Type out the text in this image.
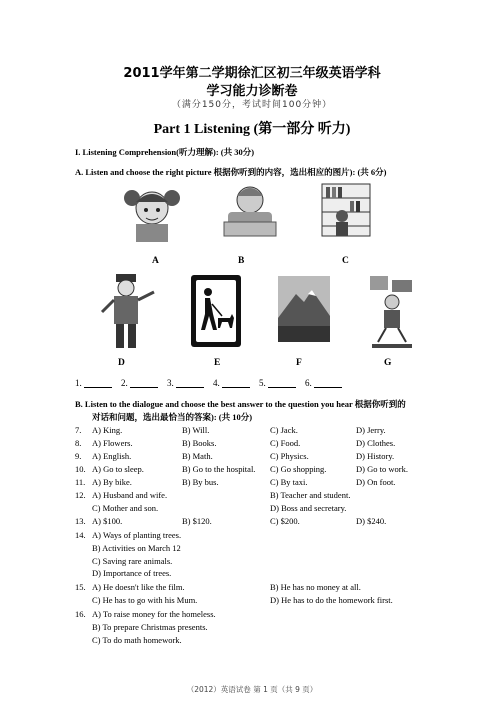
2011学年第二学期徐汇区初三年级英语学科
学习能力诊断卷
（满分150分，考试时间100分钟）
Part 1 Listening (第一部分 听力)
I. Listening Comprehension(听力理解): (共 30分)
A. Listen and choose the right picture 根据你听到的内容，选出相应的图片): (共 6分)
A	B	C
D	E	F	G
1.	2.	3.	4.	5.	6.
B. Listen to the dialogue and choose the best answer to the question you hear 根据你听到的
对话和问题，选出最恰当的答案): (共 10分)
7. A) King.	B) Will.	C) Jack.	D) Jerry.
8. A) Flowers.	B) Books.	C) Food.	D) Clothes.
9. A) English.	B) Math.	C) Physics.	D) History.
10. A) Go to sleep.	B) Go to the hospital. C) Go shopping.	D) Go to work.
11. A) By bike.	B) By bus.	C) By taxi.	D) On foot.
12. A) Husband and wife.	B) Teacher and student.
C) Mother and son.	D) Boss and secretary.
13. A) $100.	B) $120.	C) $200.	D) $240.
14. A) Ways of planting trees.
B) Activities on March 12
C) Saving rare animals.
D) Importance of trees.
15. A) He doesn't like the film.	B) He has no money at all.
C) He has to go with his Mum.	D) He has to do the homework first.
16. A) To raise money for the homeless.
B) To prepare Christmas presents.
C) To do math homework.
（2012）英语试卷 第 1 页（共 9 页）
